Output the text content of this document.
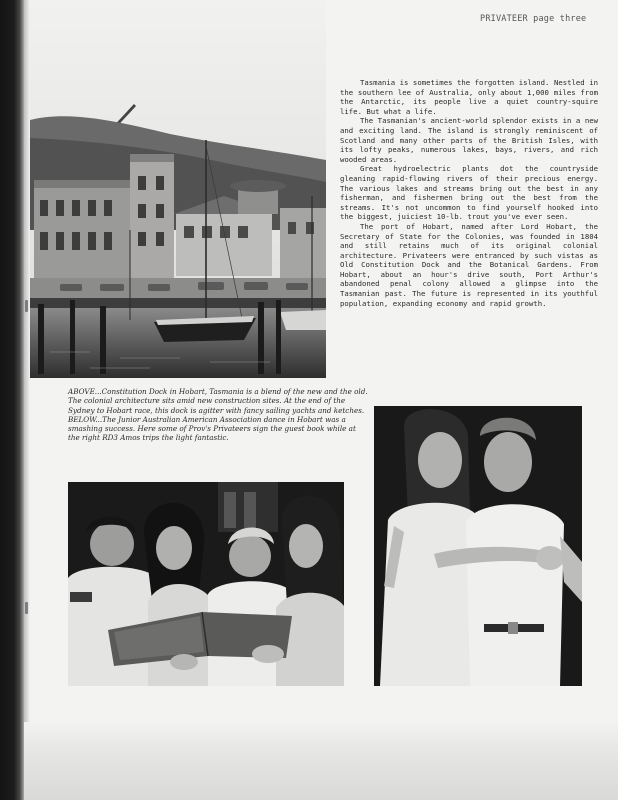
PRIVATEER page three

Tasmania is sometimes the forgotten island. Nestled in the southern lee of Australia, only about 1,000 miles from the Antarctic, its people live a quiet country-squire life. But what a life.

The Tasmanian's ancient-world splendor exists in a new and exciting land. The island is strongly reminiscent of Scotland and many other parts of the British Isles, with its lofty peaks, numerous lakes, bays, rivers, and rich wooded areas.

Great hydroelectric plants dot the countryside gleaning rapid-flowing rivers of their precious energy. The various lakes and streams bring out the best in any fisherman, and fishermen bring out the best from the streams. It's not uncommon to find yourself hooked into the biggest, juiciest 10-lb. trout you've ever seen.

The port of Hobart, named after Lord Hobart, the Secretary of State for the Colonies, was founded in 1804 and still retains much of its original colonial architecture. Privateers were entranced by such vistas as Old Constitution Dock and the Botanical Gardens. From Hobart, about an hour's drive south, Port Arthur's abandoned penal colony allowed a glimpse into the Tasmanian past. The future is represented in its youthful population, expanding economy and rapid growth.

ABOVE...Constitution Dock in Hobart, Tasmania is a blend of the new and the old. The colonial architecture sits amid new construction sites. At the end of the Sydney to Hobart race, this dock is agitter with fancy sailing yachts and ketches.

BELOW...The Junior Australian American Association dance in Hobart was a smashing success. Here some of Prov's Privateers sign the guest book while at the right RD3 Amos trips the light fantastic.
